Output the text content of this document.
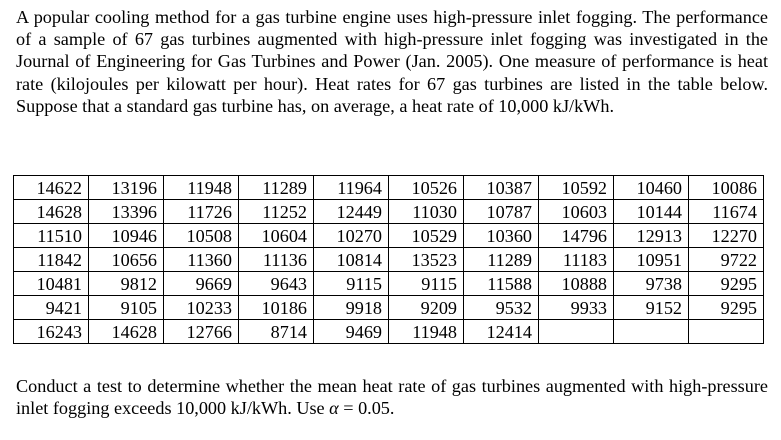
A popular cooling method for a gas turbine engine uses high-pressure inlet fogging. The performance of a sample of 67 gas turbines augmented with high-pressure inlet fogging was investigated in the Journal of Engineering for Gas Turbines and Power (Jan. 2005). One measure of performance is heat rate (kilojoules per kilowatt per hour). Heat rates for 67 gas turbines are listed in the table below. Suppose that a standard gas turbine has, on average, a heat rate of 10,000 kJ/kWh.

14622	13196	11948	11289	11964	10526	10387	10592	10460	10086
14628	13396	11726	11252	12449	11030	10787	10603	10144	11674
11510	10946	10508	10604	10270	10529	10360	14796	12913	12270
11842	10656	11360	11136	10814	13523	11289	11183	10951	9722
10481	9812	9669	9643	9115	9115	11588	10888	9738	9295
9421	9105	10233	10186	9918	9209	9532	9933	9152	9295
16243	14628	12766	8714	9469	11948	12414			

Conduct a test to determine whether the mean heat rate of gas turbines augmented with high-pressure inlet fogging exceeds 10,000 kJ/kWh. Use α = 0.05.
